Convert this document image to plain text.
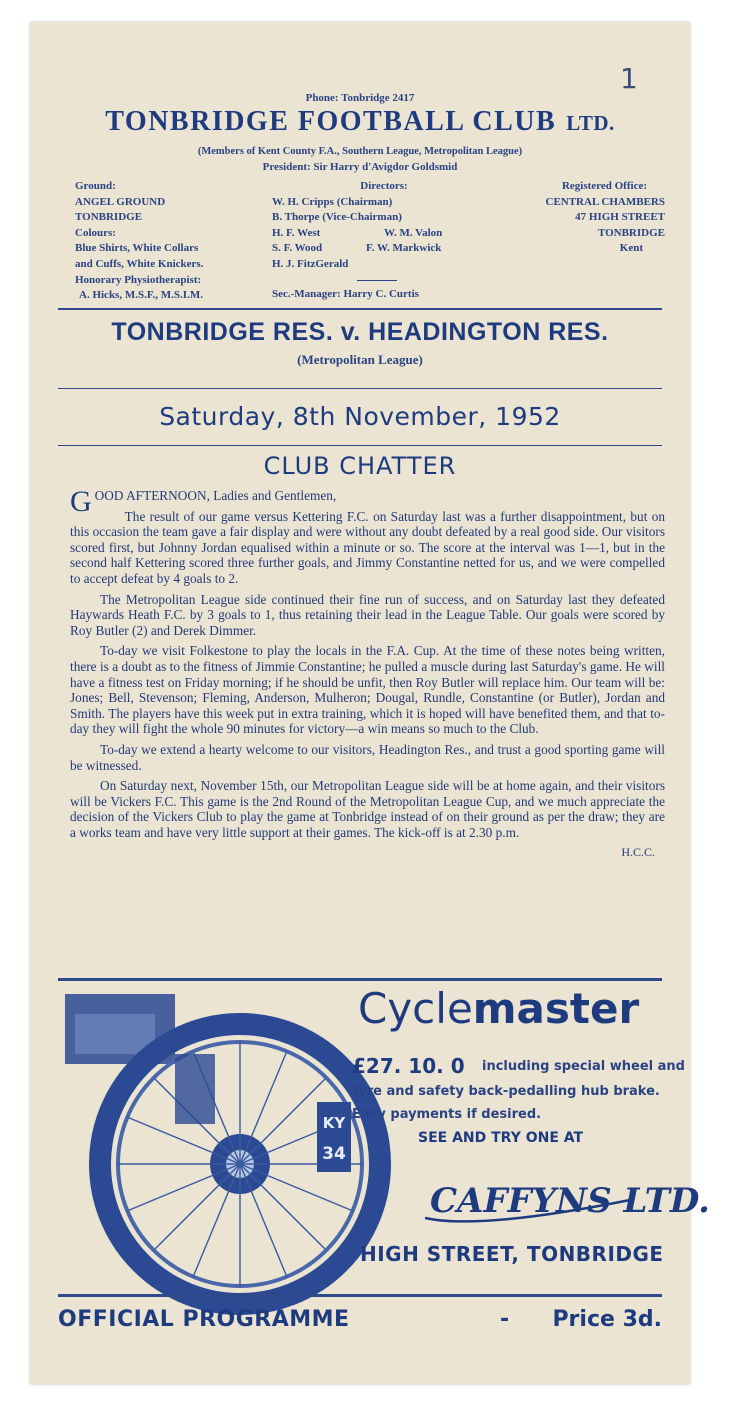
1
Phone: Tonbridge 2417
TONBRIDGE FOOTBALL CLUB LTD.
(Members of Kent County F.A., Southern League, Metropolitan League)
President: Sir Harry d'Avigdor Goldsmid
Ground:
ANGEL GROUND
TONBRIDGE
Colours:
Blue Shirts, White Collars
and Cuffs, White Knickers.
Honorary Physiotherapist:
A. Hicks, M.S.F., M.S.I.M.
Directors:
W. H. Cripps (Chairman)
B. Thorpe (Vice-Chairman)
H. F. West	W. M. Valon
S. F. Wood	F. W. Markwick
H. J. FitzGerald
Sec.-Manager: Harry C. Curtis
Registered Office:
CENTRAL CHAMBERS
47 HIGH STREET
TONBRIDGE
Kent
TONBRIDGE RES. v. HEADINGTON RES.
(Metropolitan League)
Saturday, 8th November, 1952
CLUB CHATTER

GOOD AFTERNOON, Ladies and Gentlemen,

The result of our game versus Kettering F.C. on Saturday last was a further disappointment, but on this occasion the team gave a fair display and were without any doubt defeated by a real good side. Our visitors scored first, but Johnny Jordan equalised within a minute or so. The score at the interval was 1—1, but in the second half Kettering scored three further goals, and Jimmy Constantine netted for us, and we were compelled to accept defeat by 4 goals to 2.

The Metropolitan League side continued their fine run of success, and on Saturday last they defeated Haywards Heath F.C. by 3 goals to 1, thus retaining their lead in the League Table. Our goals were scored by Roy Butler (2) and Derek Dimmer.

To-day we visit Folkestone to play the locals in the F.A. Cup. At the time of these notes being written, there is a doubt as to the fitness of Jimmie Constantine; he pulled a muscle during last Saturday's game. He will have a fitness test on Friday morning; if he should be unfit, then Roy Butler will replace him. Our team will be: Jones; Bell, Stevenson; Fleming, Anderson, Mulheron; Dougal, Rundle, Constantine (or Butler), Jordan and Smith. The players have this week put in extra training, which it is hoped will have benefited them, and that to-day they will fight the whole 90 minutes for victory—a win means so much to the Club.

To-day we extend a hearty welcome to our visitors, Headington Res., and trust a good sporting game will be witnessed.

On Saturday next, November 15th, our Metropolitan League side will be at home again, and their visitors will be Vickers F.C. This game is the 2nd Round of the Metropolitan League Cup, and we much appreciate the decision of the Vickers Club to play the game at Tonbridge instead of on their ground as per the draw; they are a works team and have very little support at their games. The kick-off is at 2.30 p.m.

H.C.C.

KY
34
Cyclemaster
£27. 10. 0 including special wheel and
tyre and safety back-pedalling hub brake.
Easy payments if desired.
SEE AND TRY ONE AT
CAFFYNS LTD.
HIGH STREET, TONBRIDGE
OFFICIAL PROGRAMME	- Price 3d.
